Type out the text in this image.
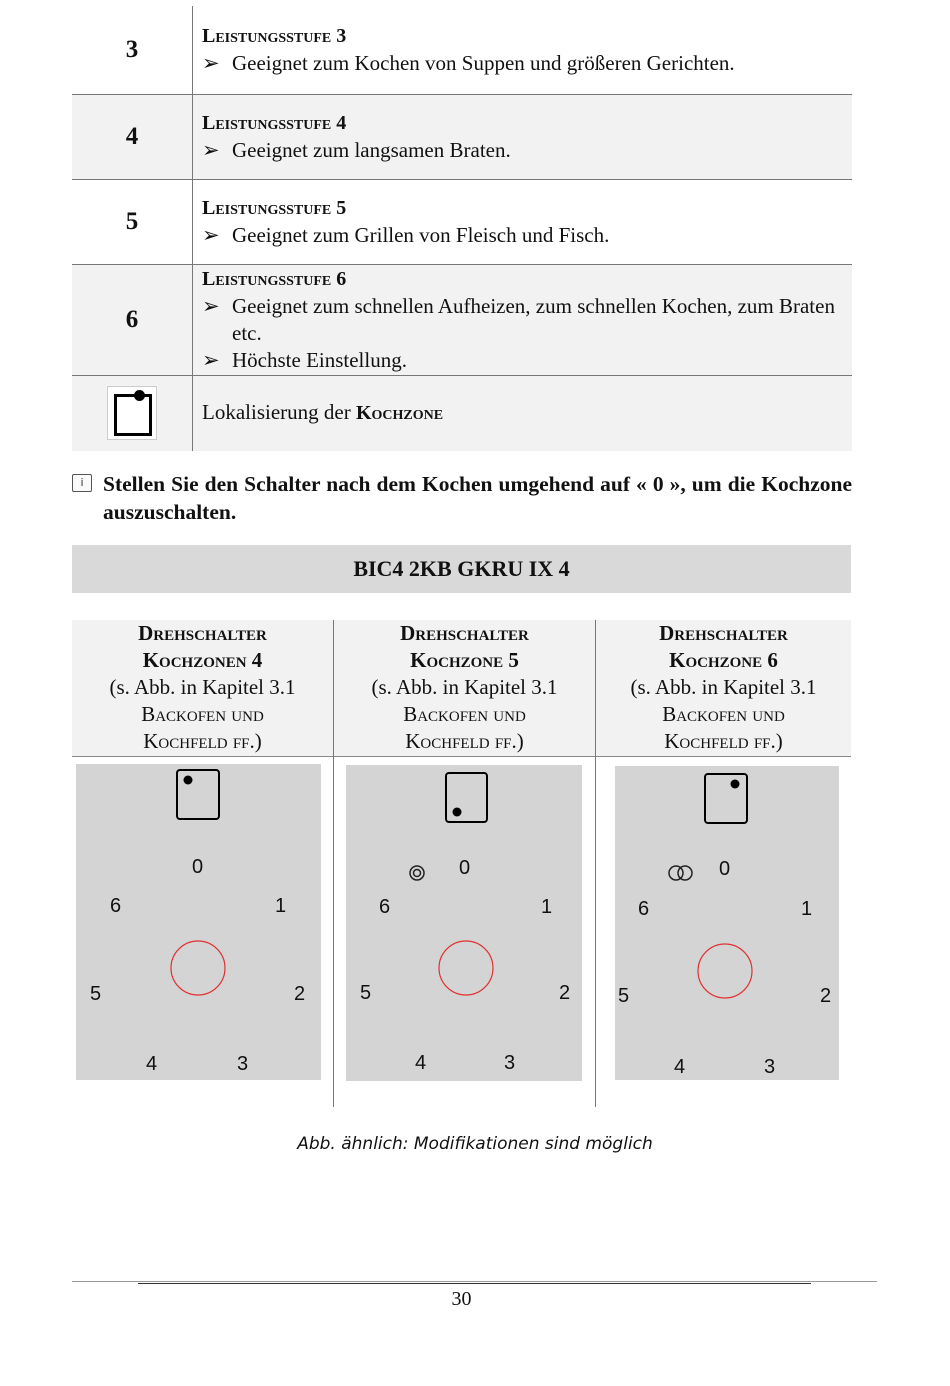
3	Leistungsstufe 3
➢ Geeignet zum Kochen von Suppen und größeren Gerichten.

4	Leistungsstufe 4
➢ Geeignet zum langsamen Braten.

5	Leistungsstufe 5
➢ Geeignet zum Grillen von Fleisch und Fisch.

6	Leistungsstufe 6
➢ Geeignet zum schnellen Aufheizen, zum schnellen Kochen, zum Braten etc.
➢ Höchste Einstellung.

	Lokalisierung der Kochzone
i Stellen Sie den Schalter nach dem Kochen umgehend auf « 0 », um die Kochzone auszuschalten.
BIC4 2KB GKRU IX 4
Drehschalter
Kochzonen 4
(s. Abb. in Kapitel 3.1
Backofen und
Kochfeld ff.)
Drehschalter
Kochzone 5
(s. Abb. in Kapitel 3.1
Backofen und
Kochfeld ff.)
Drehschalter
Kochzone 6
(s. Abb. in Kapitel 3.1
Backofen und
Kochfeld ff.)
0
1
2
3
4
5
6
0
1
2
3
4
5
6
0
1
2
3
4
5
6
Abb. ähnlich: Modifikationen sind möglich
30
